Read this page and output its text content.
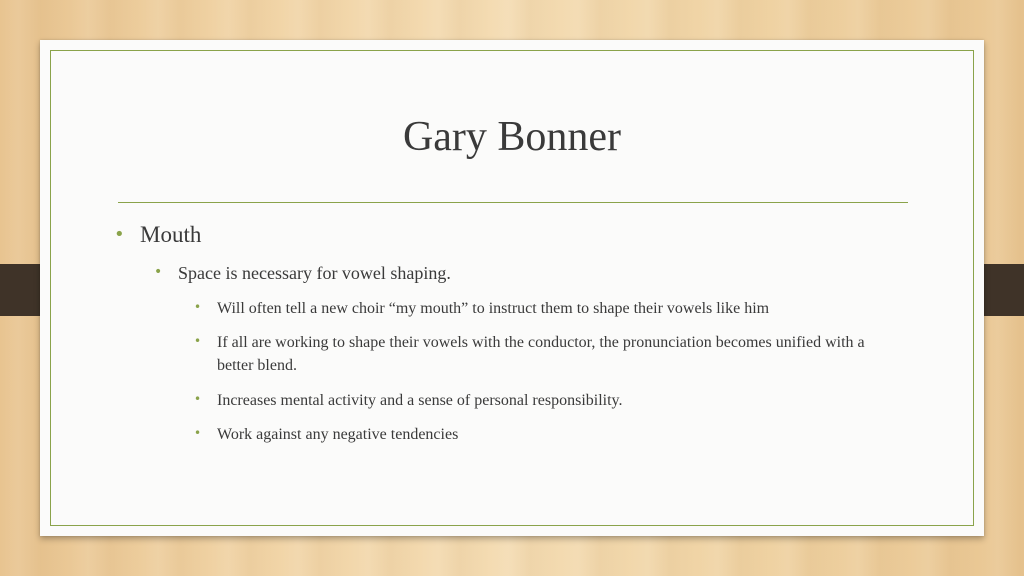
Gary Bonner
• Mouth
• Space is necessary for vowel shaping.
• Will often tell a new choir “my mouth” to instruct them to shape their vowels like him
• If all are working to shape their vowels with the conductor, the pronunciation becomes unified with a better blend.
• Increases mental activity and a sense of personal responsibility.
• Work against any negative tendencies
